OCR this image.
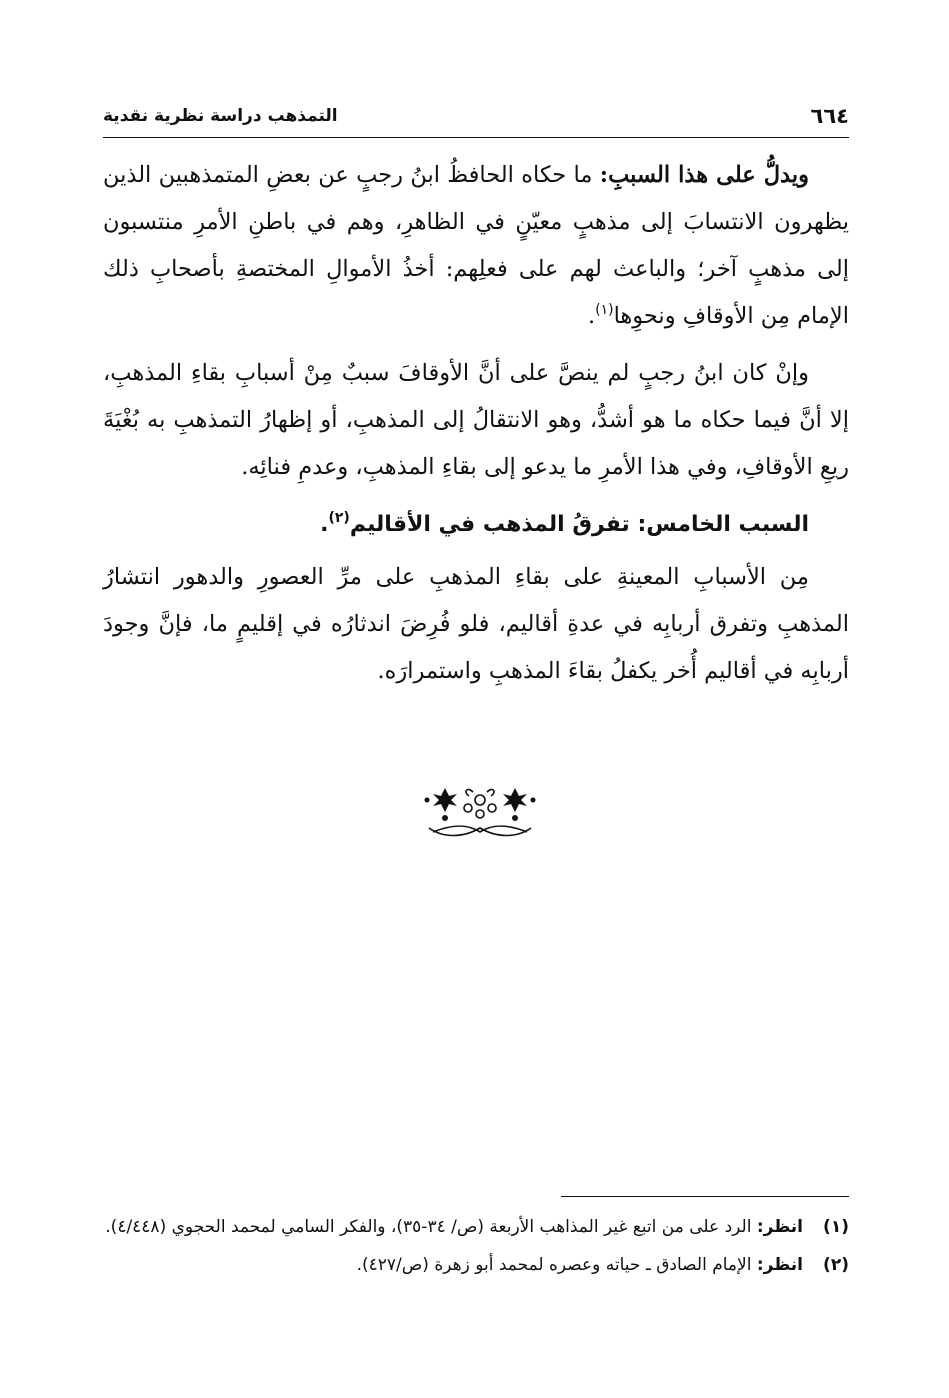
٦٦٤
التمذهب دراسة نظرية نقدية

ويدلُّ على هذا السببِ: ما حكاه الحافظُ ابنُ رجبٍ عن بعضِ المتمذهبين الذين يظهرون الانتسابَ إلى مذهبٍ معيّنٍ في الظاهرِ، وهم في باطنِ الأمرِ منتسبون إلى مذهبٍ آخر؛ والباعث لهم على فعلِهم: أخذُ الأموالِ المختصةِ بأصحابِ ذلك الإمام مِن الأوقافِ ونحوِها$^{(١)}$.

وإنْ كان ابنُ رجبٍ لم ينصَّ على أنَّ الأوقافَ سببٌ مِنْ أسبابِ بقاءِ المذهبِ، إلا أنَّ فيما حكاه ما هو أشدُّ، وهو الانتقالُ إلى المذهبِ، أو إظهارُ التمذهبِ به بُغْيَةَ ريعِ الأوقافِ، وفي هذا الأمرِ ما يدعو إلى بقاءِ المذهبِ، وعدمِ فنائِه.

السبب الخامس: تفرقُ المذهب في الأقاليم$^{(٢)}$.

مِن الأسبابِ المعينةِ على بقاءِ المذهبِ على مرِّ العصورِ والدهور انتشارُ المذهبِ وتفرق أربابِه في عدةِ أقاليم، فلو فُرِضَ اندثارُه في إقليمٍ ما، فإنَّ وجودَ أربابِه في أقاليم أُخر يكفلُ بقاءَ المذهبِ واستمرارَه.

(١)
انظر: الرد على من اتبع غير المذاهب الأربعة (ص/ ٣٤-٣٥)، والفكر السامي لمحمد الحجوي (٤/٤٤٨).
(٢)
انظر: الإمام الصادق ـ حياته وعصره لمحمد أبو زهرة (ص/٤٢٧).
